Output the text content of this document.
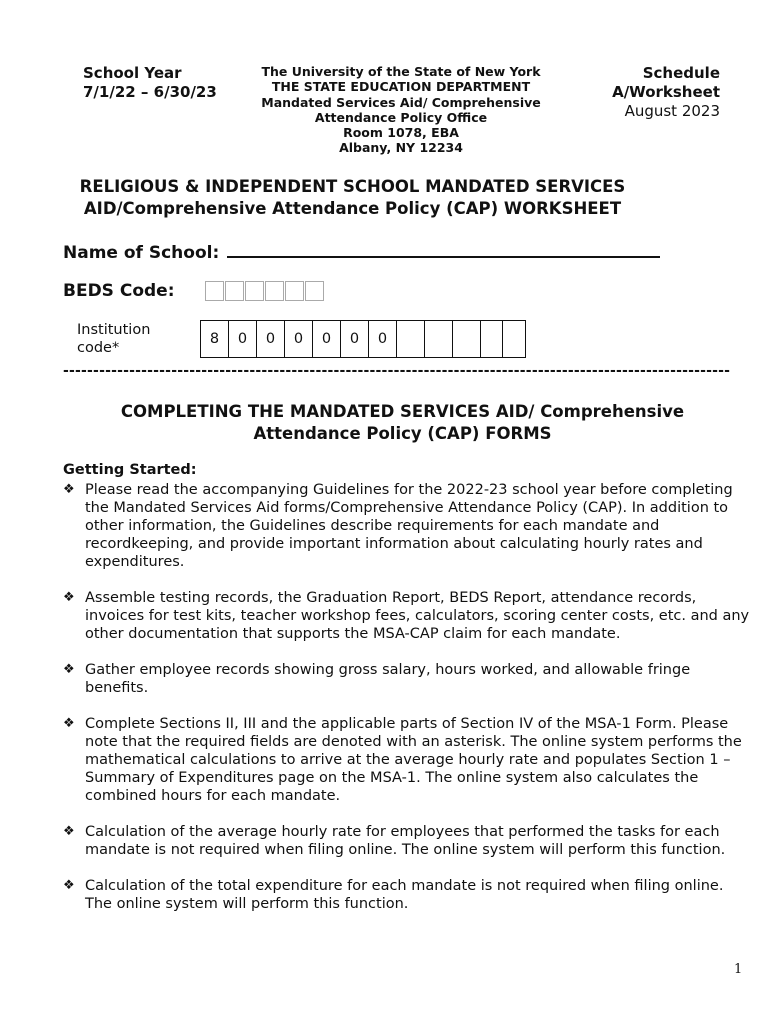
School Year
7/1/22 – 6/30/23
The University of the State of New York
THE STATE EDUCATION DEPARTMENT
Mandated Services Aid/ Comprehensive
Attendance Policy Office
Room 1078, EBA
Albany, NY 12234
Schedule
A/Worksheet
August 2023
RELIGIOUS & INDEPENDENT SCHOOL MANDATED SERVICES
AID/Comprehensive Attendance Policy (CAP) WORKSHEET
Name of School:
BEDS Code:
Institution
code*
8	0	0	0	0	0	0
---------------------------------------------------------------------------------------------------------------
COMPLETING THE MANDATED SERVICES AID/ Comprehensive
Attendance Policy (CAP) FORMS
Getting Started:
❖ Please read the accompanying Guidelines for the 2022-23 school year before completing the Mandated Services Aid forms/Comprehensive Attendance Policy (CAP). In addition to other information, the Guidelines describe requirements for each mandate and recordkeeping, and provide important information about calculating hourly rates and expenditures.
❖ Assemble testing records, the Graduation Report, BEDS Report, attendance records, invoices for test kits, teacher workshop fees, calculators, scoring center costs, etc. and any other documentation that supports the MSA-CAP claim for each mandate.
❖ Gather employee records showing gross salary, hours worked, and allowable fringe benefits.
❖ Complete Sections II, III and the applicable parts of Section IV of the MSA-1 Form. Please note that the required fields are denoted with an asterisk. The online system performs the mathematical calculations to arrive at the average hourly rate and populates Section 1 – Summary of Expenditures page on the MSA-1. The online system also calculates the combined hours for each mandate.
❖ Calculation of the average hourly rate for employees that performed the tasks for each mandate is not required when filing online. The online system will perform this function.
❖ Calculation of the total expenditure for each mandate is not required when filing online. The online system will perform this function.
1
